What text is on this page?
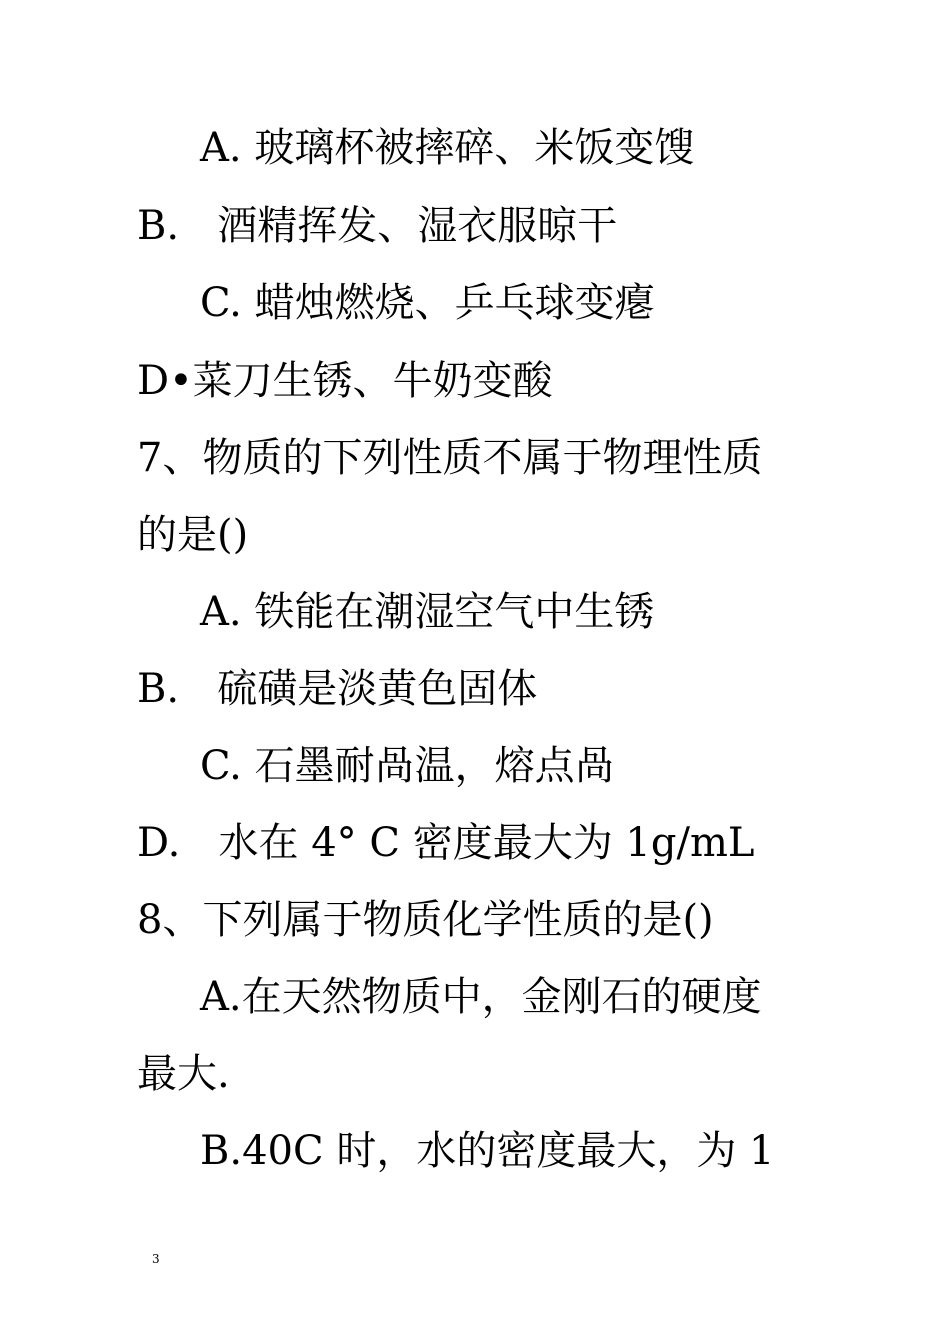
A. 玻璃杯被摔碎、米饭变馊
B.   酒精挥发、湿衣服晾干
C. 蜡烛燃烧、乒乓球变瘪
D•菜刀生锈、牛奶变酸
7、物质的下列性质不属于物理性质
的是()
A. 铁能在潮湿空气中生锈
B.   硫磺是淡黄色固体
C. 石墨耐咼温，熔点咼
D.   水在 4° C 密度最大为 1g/mL
8、下列属于物质化学性质的是()
A.在天然物质中，金刚石的硬度
最大.
B.40C 时，水的密度最大，为 1
3
